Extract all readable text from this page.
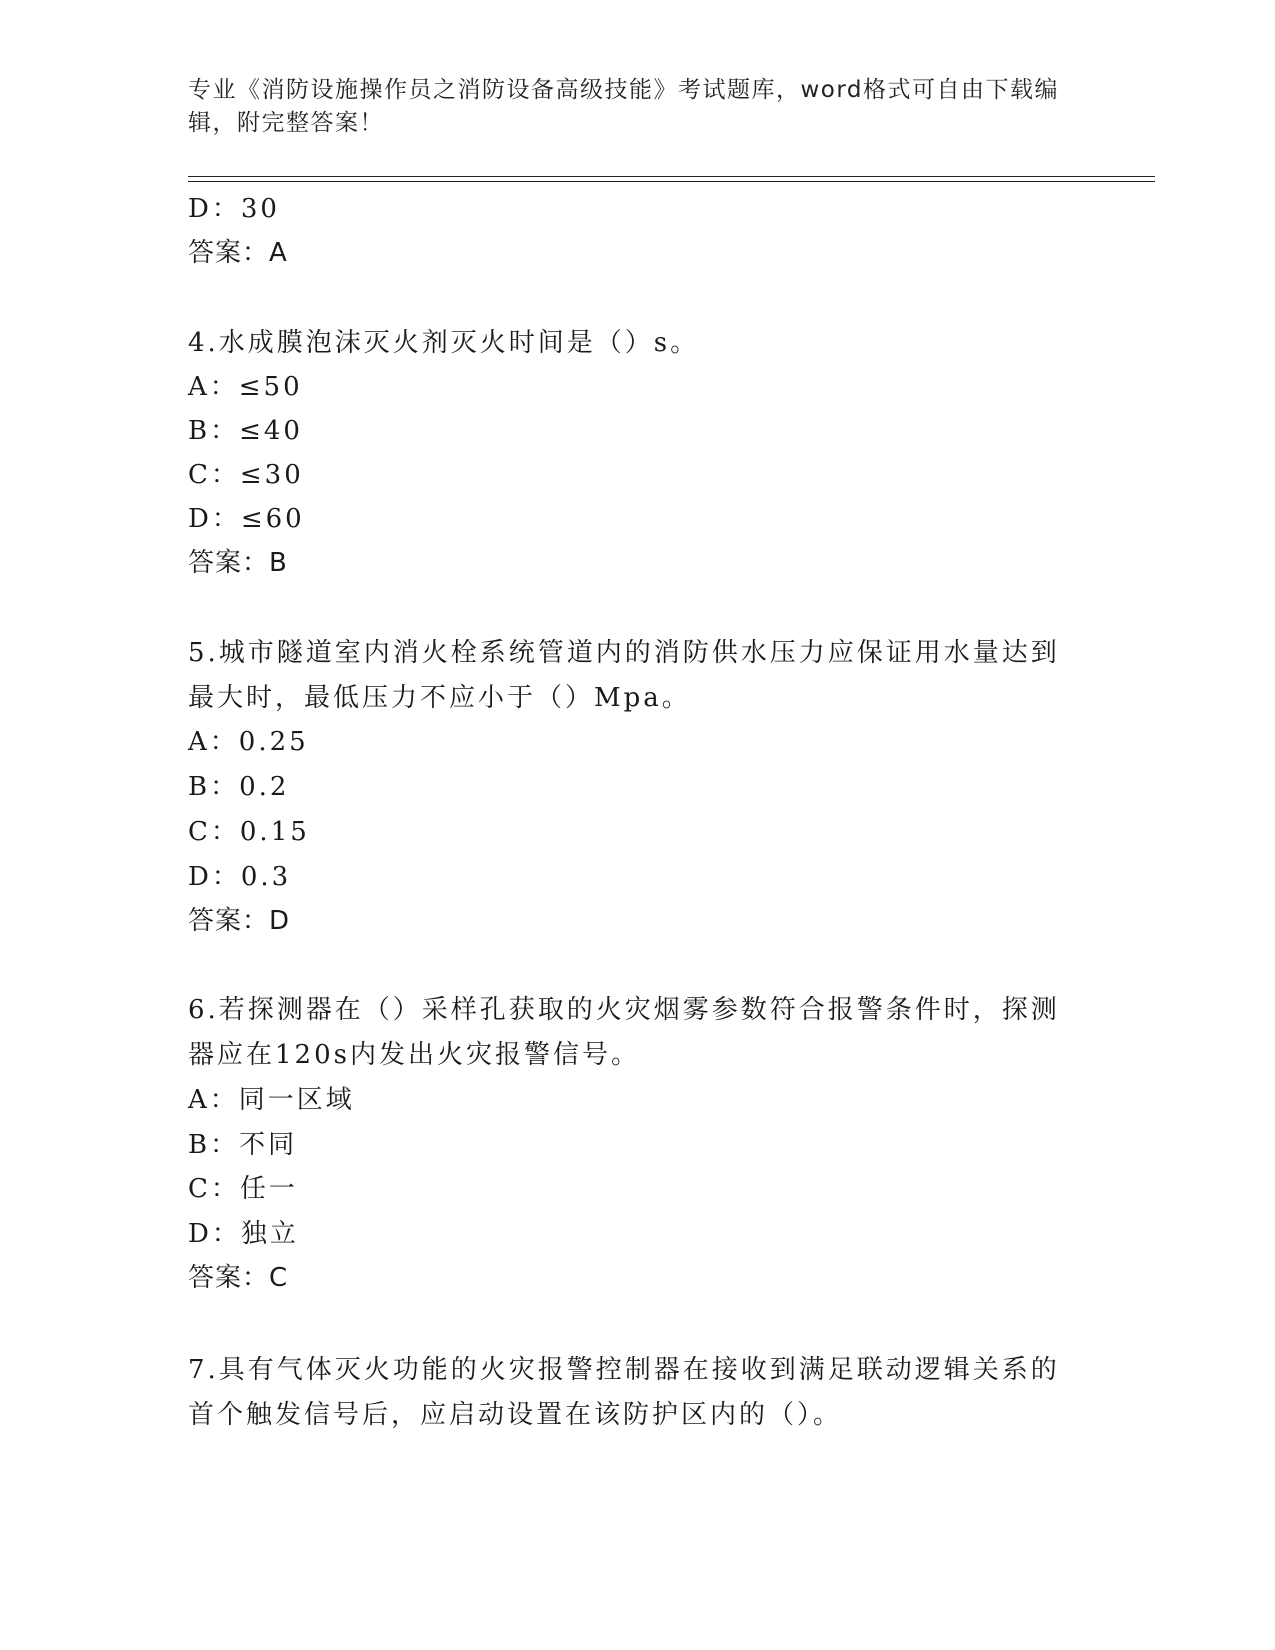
专业《消防设施操作员之消防设备高级技能》考试题库，word格式可自由下载编
辑，附完整答案！
D：30
答案：A
4.水成膜泡沫灭火剂灭火时间是（）s。
A：≤50
B：≤40
C：≤30
D：≤60
答案：B
5.城市隧道室内消火栓系统管道内的消防供水压力应保证用水量达到
最大时，最低压力不应小于（）Mpa。
A：0.25
B：0.2
C：0.15
D：0.3
答案：D
6.若探测器在（）采样孔获取的火灾烟雾参数符合报警条件时，探测
器应在120s内发出火灾报警信号。
A：同一区域
B：不同
C：任一
D：独立
答案：C
7.具有气体灭火功能的火灾报警控制器在接收到满足联动逻辑关系的
首个触发信号后，应启动设置在该防护区内的（）。
